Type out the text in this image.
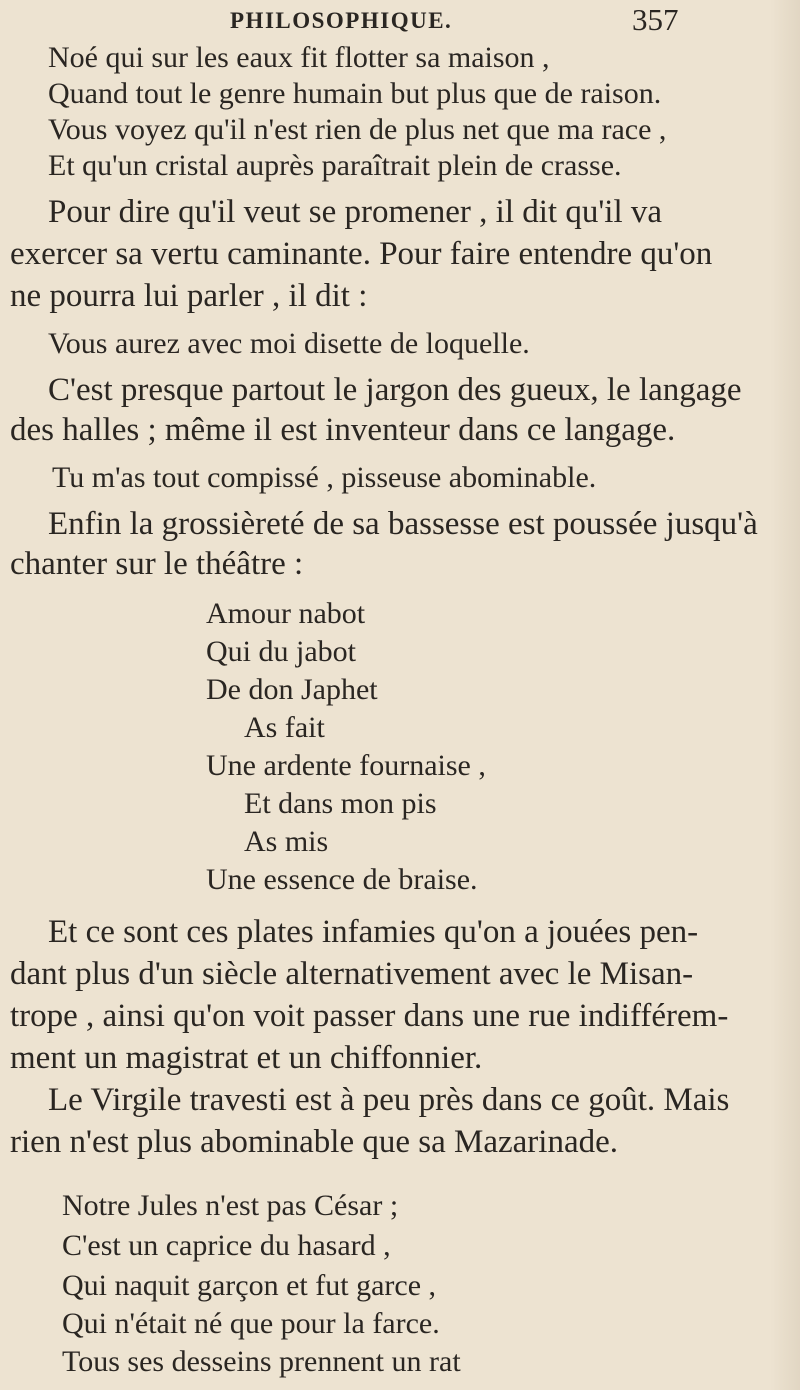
PHILOSOPHIQUE.	357
Noé qui sur les eaux fit flotter sa maison ,
Quand tout le genre humain but plus que de raison.
Vous voyez qu'il n'est rien de plus net que ma race ,
Et qu'un cristal auprès paraîtrait plein de crasse.
Pour dire qu'il veut se promener , il dit qu'il va
exercer sa vertu caminante. Pour faire entendre qu'on
ne pourra lui parler , il dit :
Vous aurez avec moi disette de loquelle.
C'est presque partout le jargon des gueux, le langage
des halles ; même il est inventeur dans ce langage.
Tu m'as tout compissé , pisseuse abominable.
Enfin la grossièreté de sa bassesse est poussée jusqu'à
chanter sur le théâtre :
Amour nabot
Qui du jabot
De don Japhet
As fait
Une ardente fournaise ,
Et dans mon pis
As mis
Une essence de braise.
Et ce sont ces plates infamies qu'on a jouées pen-
dant plus d'un siècle alternativement avec le Misan-
trope , ainsi qu'on voit passer dans une rue indifférem-
ment un magistrat et un chiffonnier.
Le Virgile travesti est à peu près dans ce goût. Mais
rien n'est plus abominable que sa Mazarinade.
Notre Jules n'est pas César ;
C'est un caprice du hasard ,
Qui naquit garçon et fut garce ,
Qui n'était né que pour la farce.
Tous ses desseins prennent un rat
